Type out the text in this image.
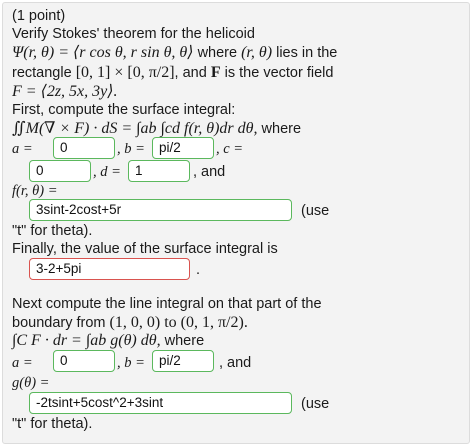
(1 point)
Verify Stokes' theorem for the helicoid
Ψ(r, θ) = ⟨r cos θ, r sin θ, θ⟩ where (r, θ) lies in the
rectangle [0, 1] × [0, π/2], and F is the vector field
F = ⟨2z, 5x, 3y⟩.
First, compute the surface integral:
∬M(∇ × F) · dS = ∫ab ∫cd f(r, θ)dr dθ, where
a =	0	, b =	pi/2	, c =
0	, d =	1	, and
f(r, θ) =
3sint-2cost+5r	(use
"t" for theta).
Finally, the value of the surface integral is
3-2+5pi	.
Next compute the line integral on that part of the
boundary from (1, 0, 0) to (0, 1, π/2).
∫C F · dr = ∫ab g(θ) dθ, where
a =	0	, b =	pi/2	, and
g(θ) =
-2tsint+5cost^2+3sint	(use
"t" for theta).
